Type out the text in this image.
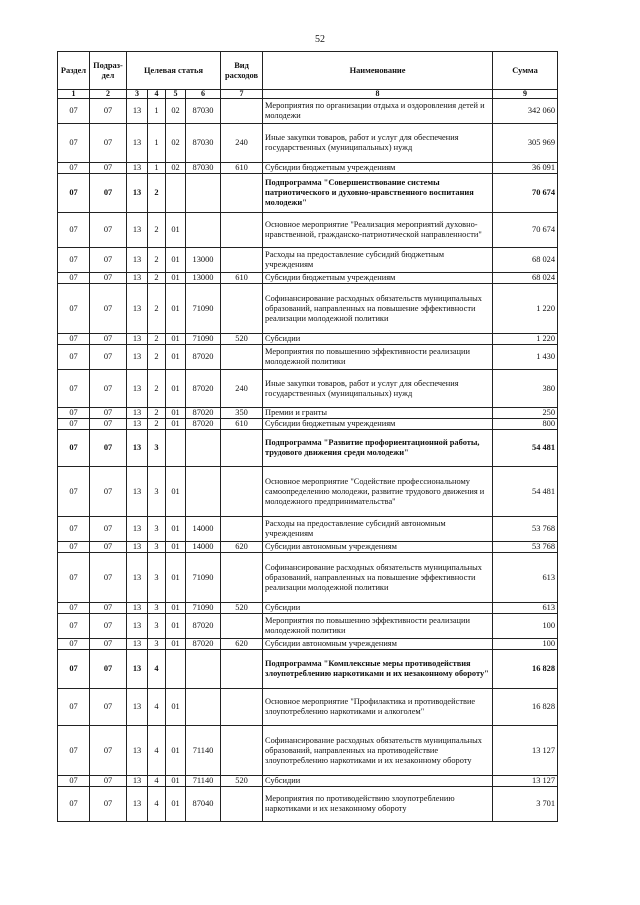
52
Раздел	Подраз-дел	Целевая статья				Вид расходов	Наименование	Сумма
1	2	3	4	5	6	7	8	9
07	07	13	1	02	87030		Мероприятия по организации отдыха и оздоровления детей и молодежи	342 060
07	07	13	1	02	87030	240	Иные закупки товаров, работ и услуг для обеспечения государственных (муниципальных) нужд	305 969
07	07	13	1	02	87030	610	Субсидии бюджетным учреждениям	36 091
07	07	13	2				Подпрограмма "Совершенствование системы патриотического и духовно-нравственного воспитания молодежи"	70 674
07	07	13	2	01			Основное мероприятие "Реализация мероприятий духовно-нравственной, гражданско-патриотической направленности"	70 674
07	07	13	2	01	13000		Расходы на предоставление субсидий бюджетным учреждениям	68 024
07	07	13	2	01	13000	610	Субсидии бюджетным учреждениям	68 024
07	07	13	2	01	71090		Софинансирование расходных обязательств муниципальных образований, направленных на повышение эффективности реализации молодежной политики	1 220
07	07	13	2	01	71090	520	Субсидии	1 220
07	07	13	2	01	87020		Мероприятия по повышению эффективности реализации молодежной политики	1 430
07	07	13	2	01	87020	240	Иные закупки товаров, работ и услуг для обеспечения государственных (муниципальных) нужд	380
07	07	13	2	01	87020	350	Премии и гранты	250
07	07	13	2	01	87020	610	Субсидии бюджетным учреждениям	800
07	07	13	3				Подпрограмма "Развитие профориентационной работы, трудового движения среди молодежи"	54 481
07	07	13	3	01			Основное мероприятие "Содействие профессиональному самоопределению молодежи, развитие трудового движения и молодежного предпринимательства"	54 481
07	07	13	3	01	14000		Расходы на предоставление субсидий автономным учреждениям	53 768
07	07	13	3	01	14000	620	Субсидии автономным учреждениям	53 768
07	07	13	3	01	71090		Софинансирование расходных обязательств муниципальных образований, направленных на повышение эффективности реализации молодежной политики	613
07	07	13	3	01	71090	520	Субсидии	613
07	07	13	3	01	87020		Мероприятия по повышению эффективности реализации молодежной политики	100
07	07	13	3	01	87020	620	Субсидии автономным учреждениям	100
07	07	13	4				Подпрограмма "Комплексные меры противодействия злоупотреблению наркотиками и их незаконному обороту"	16 828
07	07	13	4	01			Основное мероприятие "Профилактика и противодействие злоупотреблению наркотиками и алкоголем"	16 828
07	07	13	4	01	71140		Софинансирование расходных обязательств муниципальных образований, направленных на противодействие злоупотреблению наркотиками и их незаконному обороту	13 127
07	07	13	4	01	71140	520	Субсидии	13 127
07	07	13	4	01	87040		Мероприятия по противодействию злоупотреблению наркотиками и их незаконному обороту	3 701
